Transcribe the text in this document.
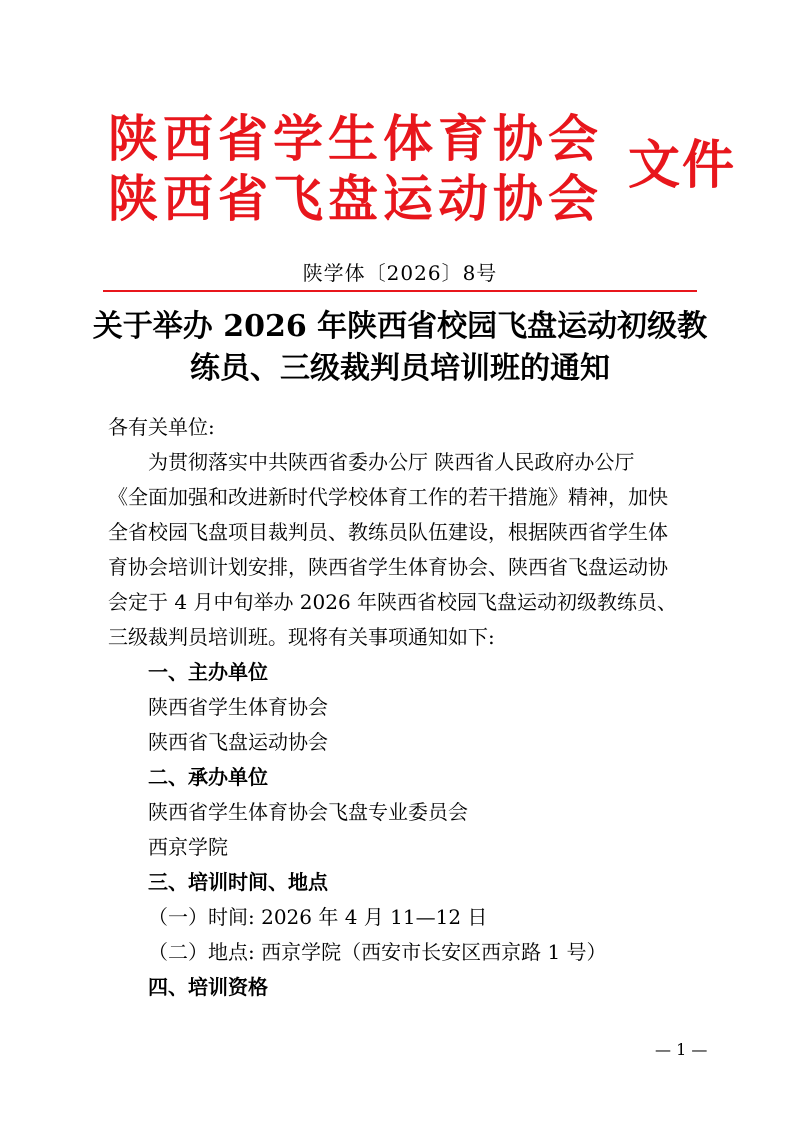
陕西省学生体育协会
陕西省飞盘运动协会
文件
陕学体〔2026〕8号
关于举办 2026 年陕西省校园飞盘运动初级教
练员、三级裁判员培训班的通知
各有关单位:
为贯彻落实中共陕西省委办公厅 陕西省人民政府办公厅
《全面加强和改进新时代学校体育工作的若干措施》精神，加快
全省校园飞盘项目裁判员、教练员队伍建设，根据陕西省学生体
育协会培训计划安排，陕西省学生体育协会、陕西省飞盘运动协
会定于 4 月中旬举办 2026 年陕西省校园飞盘运动初级教练员、
三级裁判员培训班。现将有关事项通知如下:
一、主办单位
陕西省学生体育协会
陕西省飞盘运动协会
二、承办单位
陕西省学生体育协会飞盘专业委员会
西京学院
三、培训时间、地点
（一）时间: 2026 年 4 月 11—12 日
（二）地点: 西京学院（西安市长安区西京路 1 号）
四、培训资格
— 1 —
